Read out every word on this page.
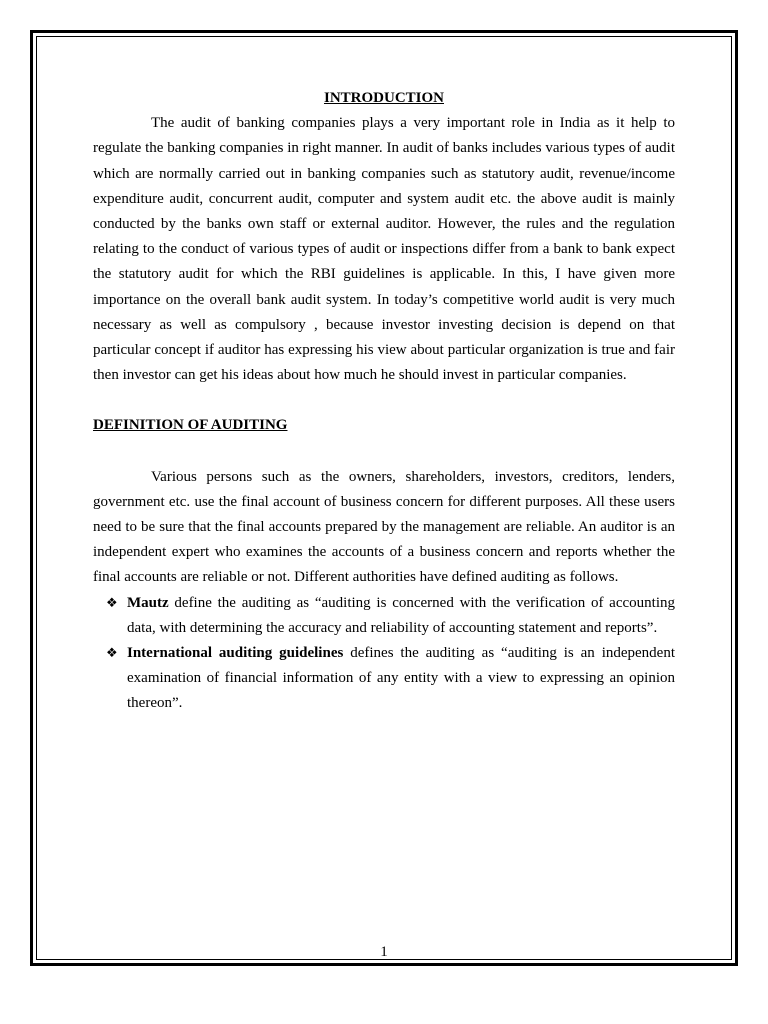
INTRODUCTION

The audit of banking companies plays a very important role in India as it help to regulate the banking companies in right manner. In audit of banks includes various types of audit which are normally carried out in banking companies such as statutory audit, revenue/income expenditure audit, concurrent audit, computer and system audit etc. the above audit is mainly conducted by the banks own staff or external auditor. However, the rules and the regulation relating to the conduct of various types of audit or inspections differ from a bank to bank expect the statutory audit for which the RBI guidelines is applicable. In this, I have given more importance on the overall bank audit system. In today’s competitive world audit is very much necessary as well as compulsory , because investor investing decision is depend on that particular concept if auditor has expressing his view about particular organization is true and fair then investor can get his ideas about how much he should invest in particular companies.

DEFINITION OF AUDITING

Various persons such as the owners, shareholders, investors, creditors, lenders, government etc. use the final account of business concern for different purposes. All these users need to be sure that the final accounts prepared by the management are reliable. An auditor is an independent expert who examines the accounts of a business concern and reports whether the final accounts are reliable or not. Different authorities have defined auditing as follows.

❖ Mautz define the auditing as “auditing is concerned with the verification of accounting data, with determining the accuracy and reliability of accounting statement and reports”.
❖ International auditing guidelines defines the auditing as “auditing is an independent examination of financial information of any entity with a view to expressing an opinion thereon”.
1
